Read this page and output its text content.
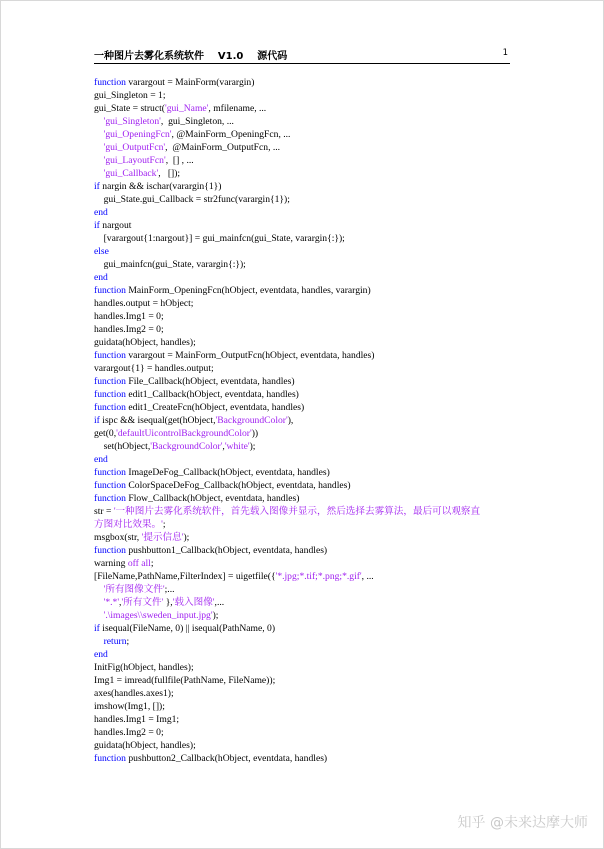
一种图片去雾化系统软件    V1.0    源代码	1
function varargout = MainForm(varargin)
gui_Singleton = 1;
gui_State = struct('gui_Name', mfilename, ...
'gui_Singleton',  gui_Singleton, ...
'gui_OpeningFcn', @MainForm_OpeningFcn, ...
'gui_OutputFcn',  @MainForm_OutputFcn, ...
'gui_LayoutFcn',  [] , ...
'gui_Callback',   []);
if nargin && ischar(varargin{1})
gui_State.gui_Callback = str2func(varargin{1});
end
if nargout
[varargout{1:nargout}] = gui_mainfcn(gui_State, varargin{:});
else
gui_mainfcn(gui_State, varargin{:});
end
function MainForm_OpeningFcn(hObject, eventdata, handles, varargin)
handles.output = hObject;
handles.Img1 = 0;
handles.Img2 = 0;
guidata(hObject, handles);
function varargout = MainForm_OutputFcn(hObject, eventdata, handles)
varargout{1} = handles.output;
function File_Callback(hObject, eventdata, handles)
function edit1_Callback(hObject, eventdata, handles)
function edit1_CreateFcn(hObject, eventdata, handles)
if ispc && isequal(get(hObject,'BackgroundColor'),
get(0,'defaultUicontrolBackgroundColor'))
set(hObject,'BackgroundColor','white');
end
function ImageDeFog_Callback(hObject, eventdata, handles)
function ColorSpaceDeFog_Callback(hObject, eventdata, handles)
function Flow_Callback(hObject, eventdata, handles)
str = '一种图片去雾化系统软件，首先载入图像并显示，然后选择去雾算法，最后可以观察直
方图对比效果。';
msgbox(str, '提示信息');
function pushbutton1_Callback(hObject, eventdata, handles)
warning off all;
[FileName,PathName,FilterIndex] = uigetfile({'*.jpg;*.tif;*.png;*.gif', ...
'所有图像文件';...
'*.*','所有文件' },'载入图像',...
'.\images\\sweden_input.jpg');
if isequal(FileName, 0) || isequal(PathName, 0)
return;
end
InitFig(hObject, handles);
Img1 = imread(fullfile(PathName, FileName));
axes(handles.axes1);
imshow(Img1, []);
handles.Img1 = Img1;
handles.Img2 = 0;
guidata(hObject, handles);
function pushbutton2_Callback(hObject, eventdata, handles)
知乎 @未来达摩大师
